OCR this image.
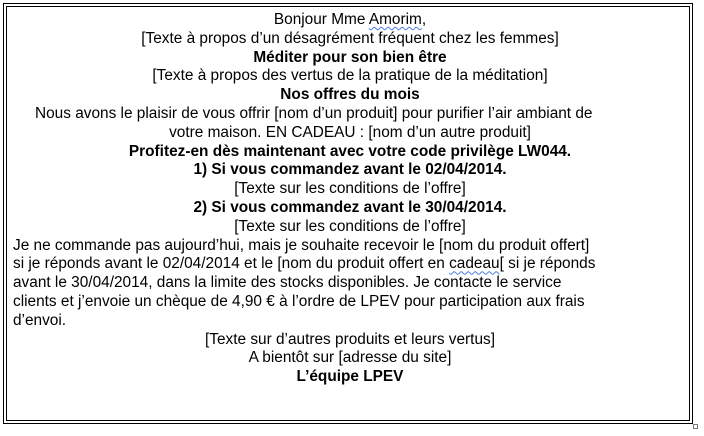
Bonjour Mme Amorim,
[Texte à propos d’un désagrément fréquent chez les femmes]
Méditer pour son bien être
[Texte à propos des vertus de la pratique de la méditation]
Nos offres du mois
Nous avons le plaisir de vous offrir [nom d’un produit] pour purifier l’air ambiant de
votre maison. EN CADEAU : [nom d’un autre produit]
Profitez-en dès maintenant avec votre code privilège LW044.
1) Si vous commandez avant le 02/04/2014.
[Texte sur les conditions de l’offre]
2) Si vous commandez avant le 30/04/2014.
[Texte sur les conditions de l’offre]
Je ne commande pas aujourd’hui, mais je souhaite recevoir le [nom du produit offert]
si je réponds avant le 02/04/2014 et le [nom du produit offert en cadeau[ si je réponds
avant le 30/04/2014, dans la limite des stocks disponibles. Je contacte le service
clients et j’envoie un chèque de 4,90 € à l’ordre de LPEV pour participation aux frais
d’envoi.
[Texte sur d’autres produits et leurs vertus]
A bientôt sur [adresse du site]
L’équipe LPEV
